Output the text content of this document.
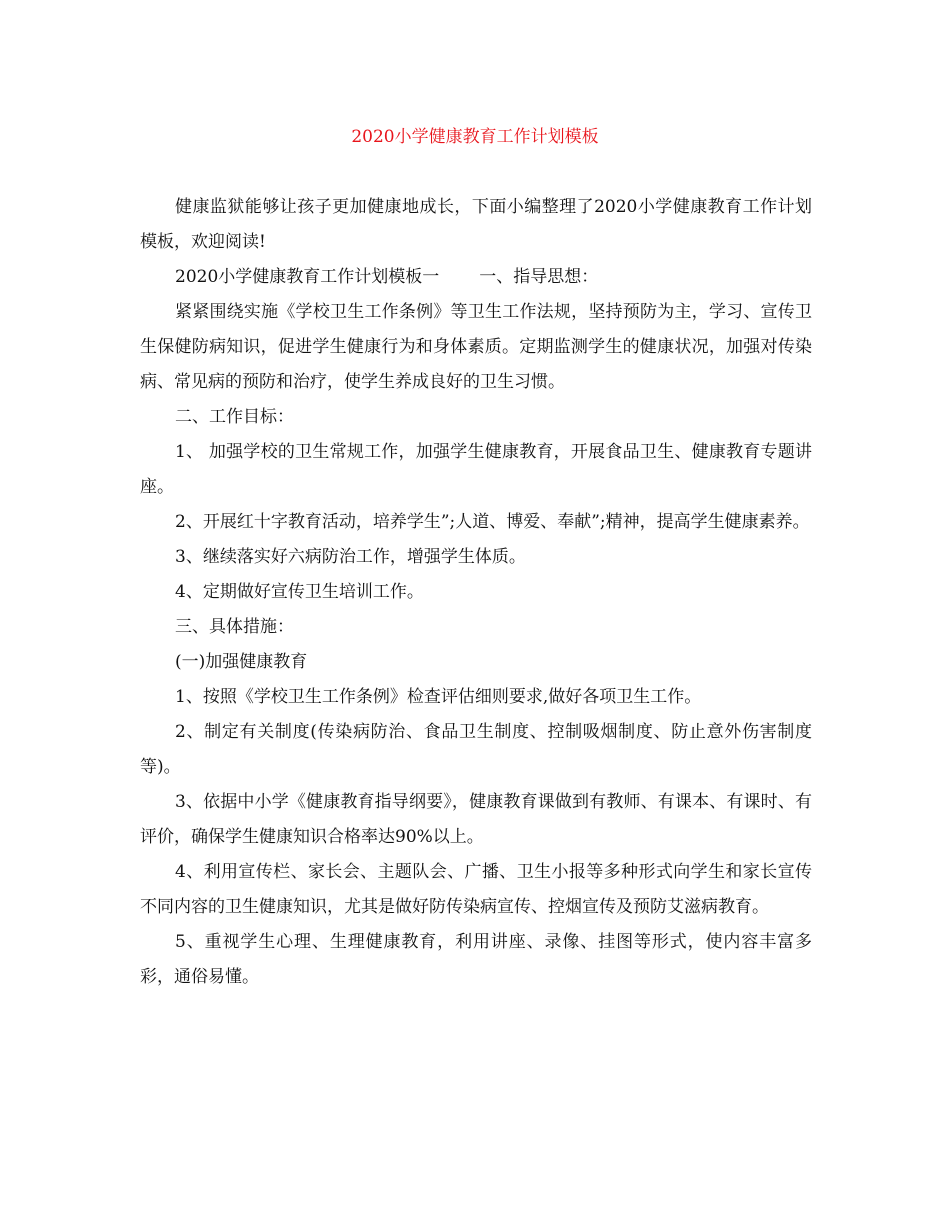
2020小学健康教育工作计划模板

健康监狱能够让孩子更加健康地成长，下面小编整理了2020小学健康教育工作计划模板，欢迎阅读!

2020小学健康教育工作计划模板一 一、指导思想：

紧紧围绕实施《学校卫生工作条例》等卫生工作法规，坚持预防为主，学习、宣传卫生保健防病知识，促进学生健康行为和身体素质。定期监测学生的健康状况，加强对传染病、常见病的预防和治疗，使学生养成良好的卫生习惯。

二、工作目标：

1、 加强学校的卫生常规工作，加强学生健康教育，开展食品卫生、健康教育专题讲座。

2、开展红十字教育活动，培养学生”;人道、博爱、奉献”;精神，提高学生健康素养。

3、继续落实好六病防治工作，增强学生体质。

4、定期做好宣传卫生培训工作。

三、具体措施：

(一)加强健康教育

1、按照《学校卫生工作条例》检查评估细则要求,做好各项卫生工作。

2、制定有关制度(传染病防治、食品卫生制度、控制吸烟制度、防止意外伤害制度等)。

3、依据中小学《健康教育指导纲要》，健康教育课做到有教师、有课本、有课时、有评价，确保学生健康知识合格率达90%以上。

4、利用宣传栏、家长会、主题队会、广播、卫生小报等多种形式向学生和家长宣传不同内容的卫生健康知识，尤其是做好防传染病宣传、控烟宣传及预防艾滋病教育。

5、重视学生心理、生理健康教育，利用讲座、录像、挂图等形式，使内容丰富多彩，通俗易懂。
